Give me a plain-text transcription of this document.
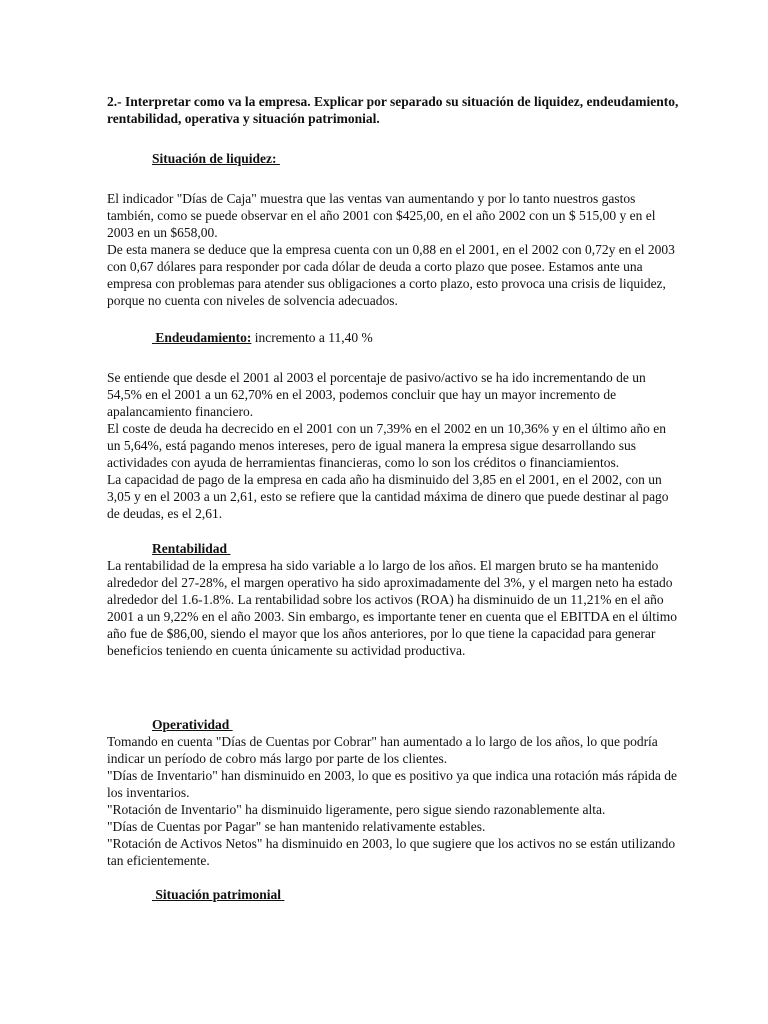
2.- Interpretar como va la empresa. Explicar por separado su situación de liquidez, endeudamiento, rentabilidad, operativa y situación patrimonial.

Situación de liquidez:

El indicador "Días de Caja" muestra que las ventas van aumentando y por lo tanto nuestros gastos también, como se puede observar en el año 2001 con $425,00, en el año 2002 con un $ 515,00 y en el 2003 en un $658,00.

De esta manera se deduce que la empresa cuenta con un 0,88 en el 2001, en el 2002 con 0,72y en el 2003 con 0,67 dólares para responder por cada dólar de deuda a corto plazo que posee. Estamos ante una empresa con problemas para atender sus obligaciones a corto plazo, esto provoca una crisis de liquidez, porque no cuenta con niveles de solvencia adecuados.

Endeudamiento: incremento a 11,40 %

Se entiende que desde el 2001 al 2003 el porcentaje de pasivo/activo se ha ido incrementando de un 54,5% en el 2001 a un 62,70% en el 2003, podemos concluir que hay un mayor incremento de apalancamiento financiero.

El coste de deuda ha decrecido en el 2001 con un 7,39% en el 2002 en un 10,36% y en el último año en un 5,64%, está pagando menos intereses, pero de igual manera la empresa sigue desarrollando sus actividades con ayuda de herramientas financieras, como lo son los créditos o financiamientos.

La capacidad de pago de la empresa en cada año ha disminuido del 3,85 en el 2001, en el 2002, con un 3,05 y en el 2003 a un 2,61, esto se refiere que la cantidad máxima de dinero que puede destinar al pago de deudas, es el 2,61.

Rentabilidad

La rentabilidad de la empresa ha sido variable a lo largo de los años. El margen bruto se ha mantenido alrededor del 27-28%, el margen operativo ha sido aproximadamente del 3%, y el margen neto ha estado alrededor del 1.6-1.8%. La rentabilidad sobre los activos (ROA) ha disminuido de un 11,21% en el año 2001 a un 9,22% en el año 2003. Sin embargo, es importante tener en cuenta que el EBITDA en el último año fue de $86,00, siendo el mayor que los años anteriores, por lo que tiene la capacidad para generar beneficios teniendo en cuenta únicamente su actividad productiva.

Operatividad

Tomando en cuenta "Días de Cuentas por Cobrar" han aumentado a lo largo de los años, lo que podría indicar un período de cobro más largo por parte de los clientes.

"Días de Inventario" han disminuido en 2003, lo que es positivo ya que indica una rotación más rápida de los inventarios.

"Rotación de Inventario" ha disminuido ligeramente, pero sigue siendo razonablemente alta.

"Días de Cuentas por Pagar" se han mantenido relativamente estables.

"Rotación de Activos Netos" ha disminuido en 2003, lo que sugiere que los activos no se están utilizando tan eficientemente.

Situación patrimonial
